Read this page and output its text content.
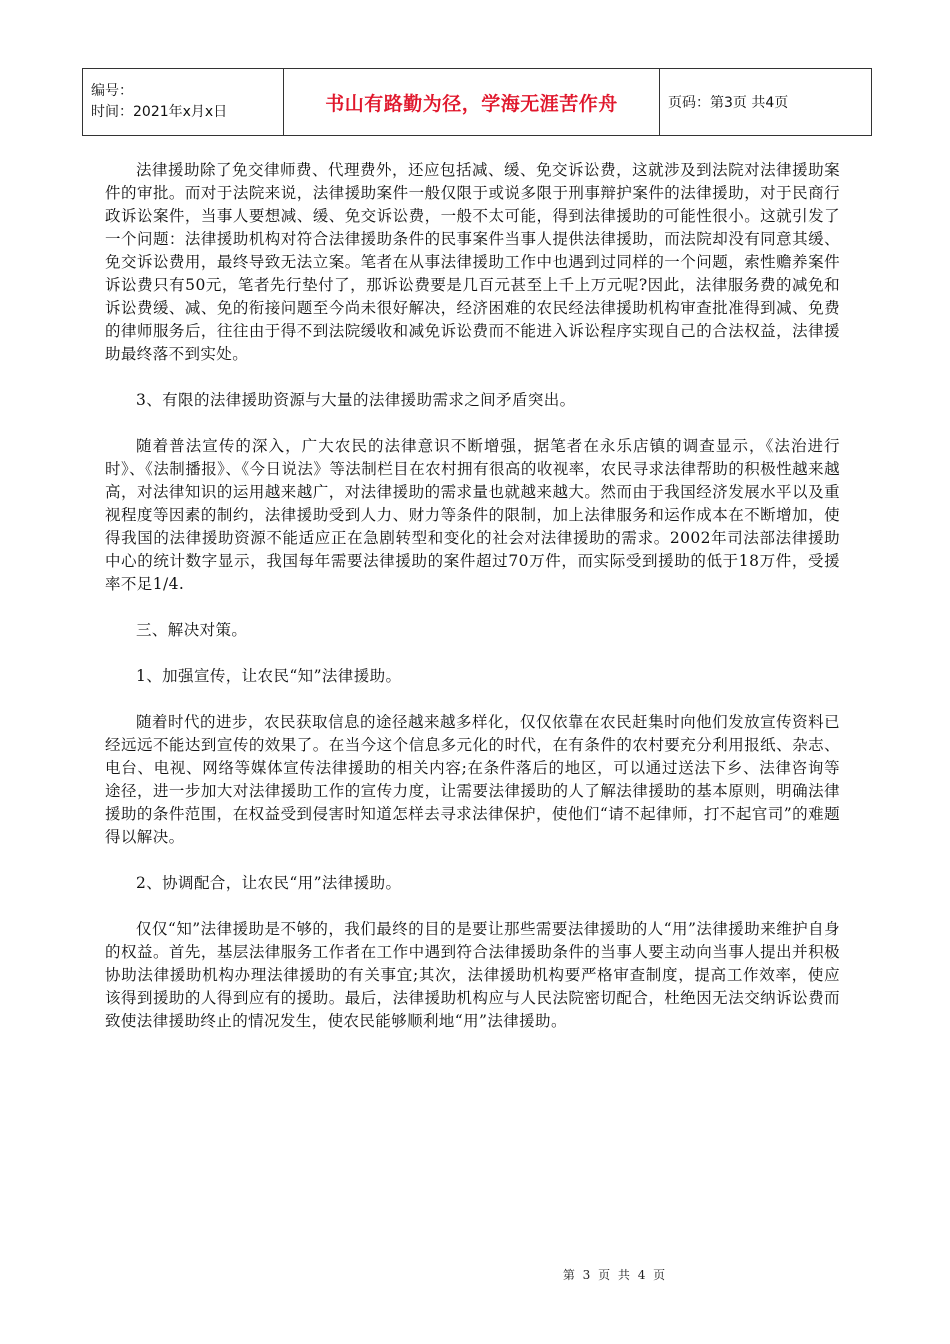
编号：
时间：2021年x月x日	书山有路勤为径，学海无涯苦作舟	页码：第3页 共4页

法律援助除了免交律师费、代理费外，还应包括减、缓、免交诉讼费，这就涉及到法院对法律援助案件的审批。而对于法院来说，法律援助案件一般仅限于或说多限于刑事辩护案件的法律援助，对于民商行政诉讼案件，当事人要想减、缓、免交诉讼费，一般不太可能，得到法律援助的可能性很小。这就引发了一个问题：法律援助机构对符合法律援助条件的民事案件当事人提供法律援助，而法院却没有同意其缓、免交诉讼费用，最终导致无法立案。笔者在从事法律援助工作中也遇到过同样的一个问题，索性赡养案件诉讼费只有50元，笔者先行垫付了，那诉讼费要是几百元甚至上千上万元呢?因此，法律服务费的减免和诉讼费缓、减、免的衔接问题至今尚未很好解决，经济困难的农民经法律援助机构审查批准得到减、免费的律师服务后，往往由于得不到法院缓收和减免诉讼费而不能进入诉讼程序实现自己的合法权益，法律援助最终落不到实处。

3、有限的法律援助资源与大量的法律援助需求之间矛盾突出。

随着普法宣传的深入，广大农民的法律意识不断增强，据笔者在永乐店镇的调查显示，《法治进行时》、《法制播报》、《今日说法》等法制栏目在农村拥有很高的收视率，农民寻求法律帮助的积极性越来越高，对法律知识的运用越来越广，对法律援助的需求量也就越来越大。然而由于我国经济发展水平以及重视程度等因素的制约，法律援助受到人力、财力等条件的限制，加上法律服务和运作成本在不断增加，使得我国的法律援助资源不能适应正在急剧转型和变化的社会对法律援助的需求。2002年司法部法律援助中心的统计数字显示，我国每年需要法律援助的案件超过70万件，而实际受到援助的低于18万件，受援率不足1/4.

三、解决对策。

1、加强宣传，让农民“知”法律援助。

随着时代的进步，农民获取信息的途径越来越多样化，仅仅依靠在农民赶集时向他们发放宣传资料已经远远不能达到宣传的效果了。在当今这个信息多元化的时代，在有条件的农村要充分利用报纸、杂志、电台、电视、网络等媒体宣传法律援助的相关内容;在条件落后的地区，可以通过送法下乡、法律咨询等途径，进一步加大对法律援助工作的宣传力度，让需要法律援助的人了解法律援助的基本原则，明确法律援助的条件范围，在权益受到侵害时知道怎样去寻求法律保护，使他们“请不起律师，打不起官司”的难题得以解决。

2、协调配合，让农民“用”法律援助。

仅仅“知”法律援助是不够的，我们最终的目的是要让那些需要法律援助的人“用”法律援助来维护自身的权益。首先，基层法律服务工作者在工作中遇到符合法律援助条件的当事人要主动向当事人提出并积极协助法律援助机构办理法律援助的有关事宜;其次，法律援助机构要严格审查制度，提高工作效率，使应该得到援助的人得到应有的援助。最后，法律援助机构应与人民法院密切配合，杜绝因无法交纳诉讼费而致使法律援助终止的情况发生，使农民能够顺利地“用”法律援助。

第 3 页 共 4 页
